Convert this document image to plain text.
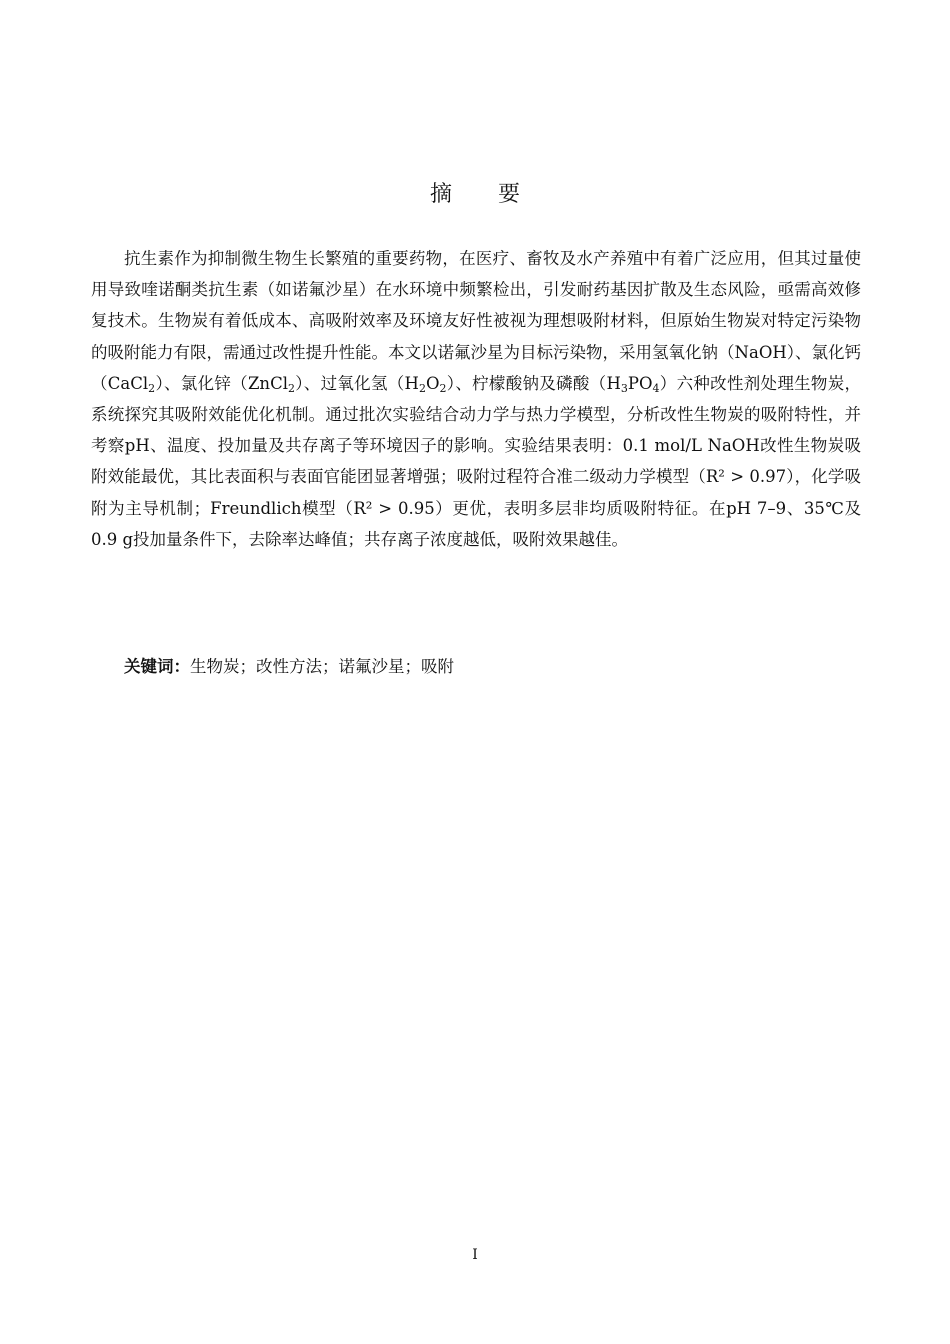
摘 要

抗生素作为抑制微生物生长繁殖的重要药物，在医疗、畜牧及水产养殖中有着广泛应用，但其过量使用导致喹诺酮类抗生素（如诺氟沙星）在水环境中频繁检出，引发耐药基因扩散及生态风险，亟需高效修复技术。生物炭有着低成本、高吸附效率及环境友好性被视为理想吸附材料，但原始生物炭对特定污染物的吸附能力有限，需通过改性提升性能。本文以诺氟沙星为目标污染物，采用氢氧化钠（NaOH）、氯化钙（CaCl$_2$）、氯化锌（ZnCl$_2$）、过氧化氢$(H_2O_2)$、柠檬酸钠及磷酸$(H_3PO_4)$六种改性剂处理生物炭，系统探究其吸附效能优化机制。通过批次实验结合动力学与热力学模型，分析改性生物炭的吸附特性，并考察pH、温度、投加量及共存离子等环境因子的影响。实验结果表明：0.1 mol/L NaOH改性生物炭吸附效能最优，其比表面积与表面官能团显著增强；吸附过程符合准二级动力学模型（R² > 0.97），化学吸附为主导机制；Freundlich模型（R² > 0.95）更优，表明多层非均质吸附特征。在pH 7–9、35℃及0.9 g投加量条件下，去除率达峰值；共存离子浓度越低，吸附效果越佳。

关键词：生物炭；改性方法；诺氟沙星；吸附

I
